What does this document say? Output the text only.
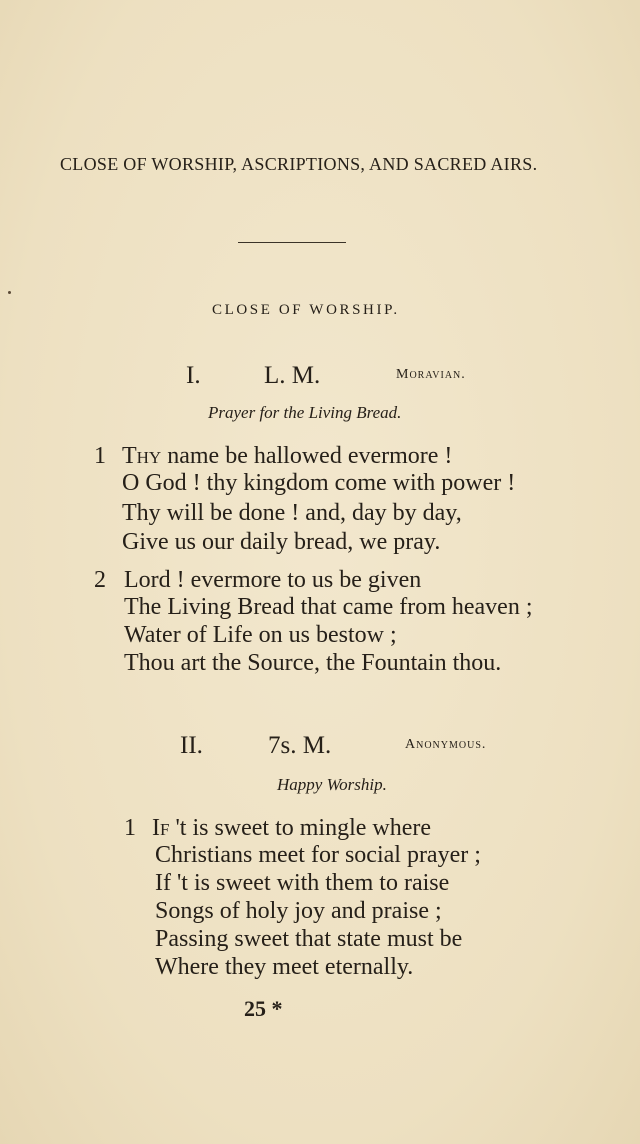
CLOSE OF WORSHIP, ASCRIPTIONS, AND SACRED AIRS.
CLOSE OF WORSHIP.
I.	L. M.	Moravian.
Prayer for the Living Bread.
1 Thy name be hallowed evermore !
O God ! thy kingdom come with power !
Thy will be done ! and, day by day,
Give us our daily bread, we pray.
2 Lord ! evermore to us be given
The Living Bread that came from heaven ;
Water of Life on us bestow ;
Thou art the Source, the Fountain thou.
II.	7s. M.	Anonymous.
Happy Worship.
1 If 't is sweet to mingle where
Christians meet for social prayer ;
If 't is sweet with them to raise
Songs of holy joy and praise ;
Passing sweet that state must be
Where they meet eternally.
25 *
